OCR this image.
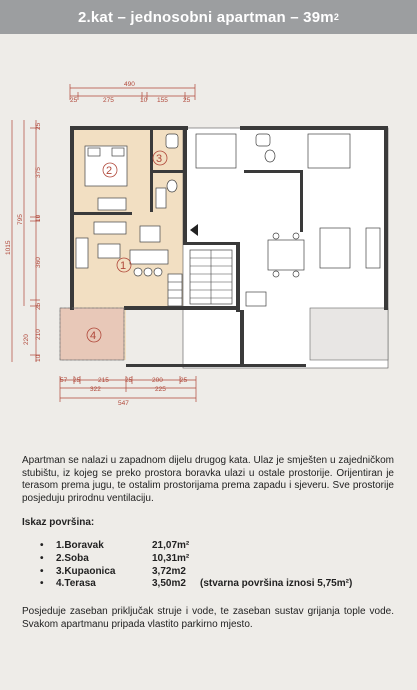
2.kat – jednosobni apartman – 39m 2
490
25	275	10 155 25
1015
795
25
375
10
360
25
210
220
10
2
3
1
4
57 25	215 25	200	25
322	225
547
Apartman se nalazi u zapadnom dijelu drugog kata. Ulaz je smješten u zajedničkom stubištu, iz kojeg se preko prostora boravka ulazi u ostale prostorije. Orijentiran je terasom prema jugu, te ostalim prostorijama prema zapadu i sjeveru. Sve prostorije posjeduju prirodnu ventilaciju.
Iskaz površina:
• 1.Boravak	21,07m²
• 2.Soba	10,31m²
• 3.Kupaonica	3,72m2
• 4.Terasa	3,50m2 (stvarna površina iznosi 5,75m²)
Posjeduje zaseban priključak struje i vode, te zaseban sustav grijanja tople vode. Svakom apartmanu pripada vlastito parkirno mjesto.
